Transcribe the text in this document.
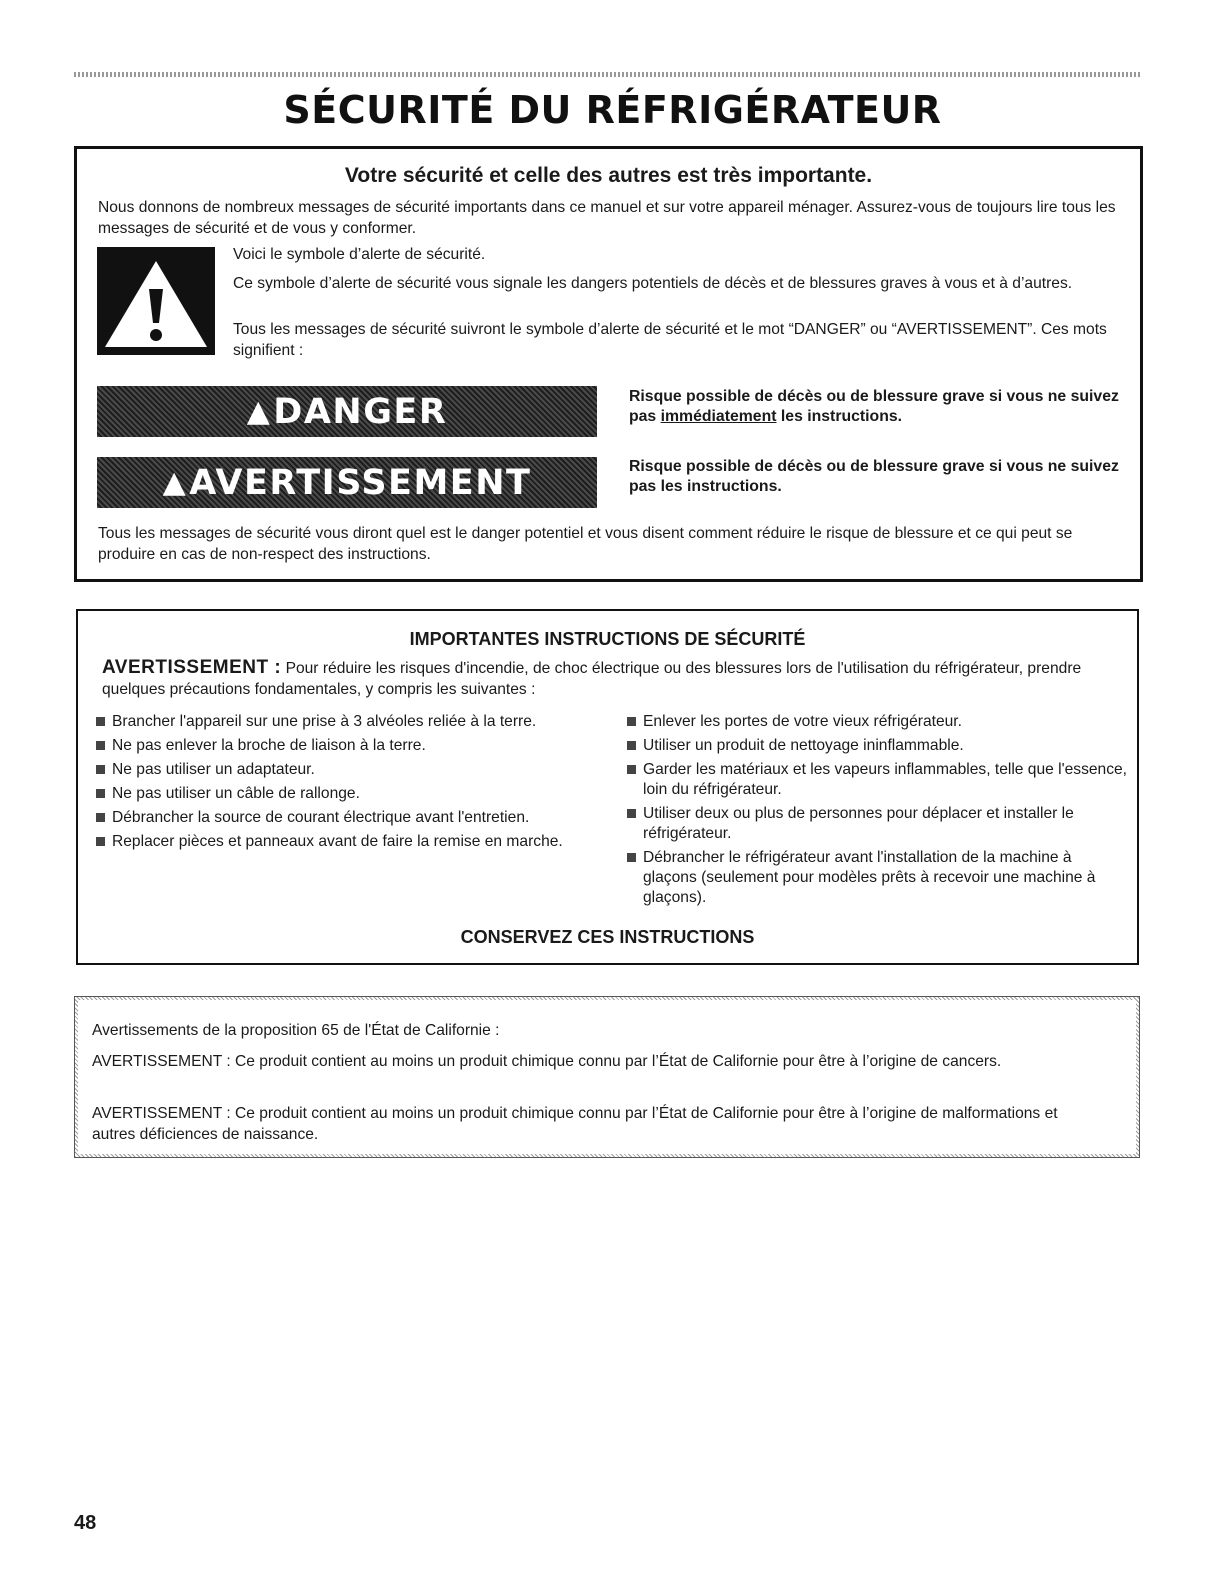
SÉCURITÉ DU RÉFRIGÉRATEUR
Votre sécurité et celle des autres est très importante.
Nous donnons de nombreux messages de sécurité importants dans ce manuel et sur votre appareil ménager. Assurez-vous de toujours lire tous les messages de sécurité et de vous y conformer.
Voici le symbole d’alerte de sécurité.
Ce symbole d’alerte de sécurité vous signale les dangers potentiels de décès et de blessures graves à vous et à d’autres.
Tous les messages de sécurité suivront le symbole d’alerte de sécurité et le mot “DANGER” ou “AVERTISSEMENT”. Ces mots signifient :
▲ DANGER	Risque possible de décès ou de blessure grave si vous ne suivez pas immédiatement les instructions.
▲ AVERTISSEMENT	Risque possible de décès ou de blessure grave si vous ne suivez pas les instructions.
Tous les messages de sécurité vous diront quel est le danger potentiel et vous disent comment réduire le risque de blessure et ce qui peut se produire en cas de non-respect des instructions.
IMPORTANTES INSTRUCTIONS DE SÉCURITÉ
AVERTISSEMENT : Pour réduire les risques d'incendie, de choc électrique ou des blessures lors de l'utilisation du réfrigérateur, prendre quelques précautions fondamentales, y compris les suivantes :
Brancher l'appareil sur une prise à 3 alvéoles reliée à la terre.
Ne pas enlever la broche de liaison à la terre.
Ne pas utiliser un adaptateur.
Ne pas utiliser un câble de rallonge.
Débrancher la source de courant électrique avant l'entretien.
Replacer pièces et panneaux avant de faire la remise en marche.
Enlever les portes de votre vieux réfrigérateur.
Utiliser un produit de nettoyage ininflammable.
Garder les matériaux et les vapeurs inflammables, telle que l'essence, loin du réfrigérateur.
Utiliser deux ou plus de personnes pour déplacer et installer le réfrigérateur.
Débrancher le réfrigérateur avant l'installation de la machine à glaçons (seulement pour modèles prêts à recevoir une machine à glaçons).
CONSERVEZ CES INSTRUCTIONS
Avertissements de la proposition 65 de l'État de Californie :
AVERTISSEMENT : Ce produit contient au moins un produit chimique connu par l’État de Californie pour être à l’origine de cancers.
AVERTISSEMENT : Ce produit contient au moins un produit chimique connu par l’État de Californie pour être à l’origine de malformations et autres déficiences de naissance.
48
